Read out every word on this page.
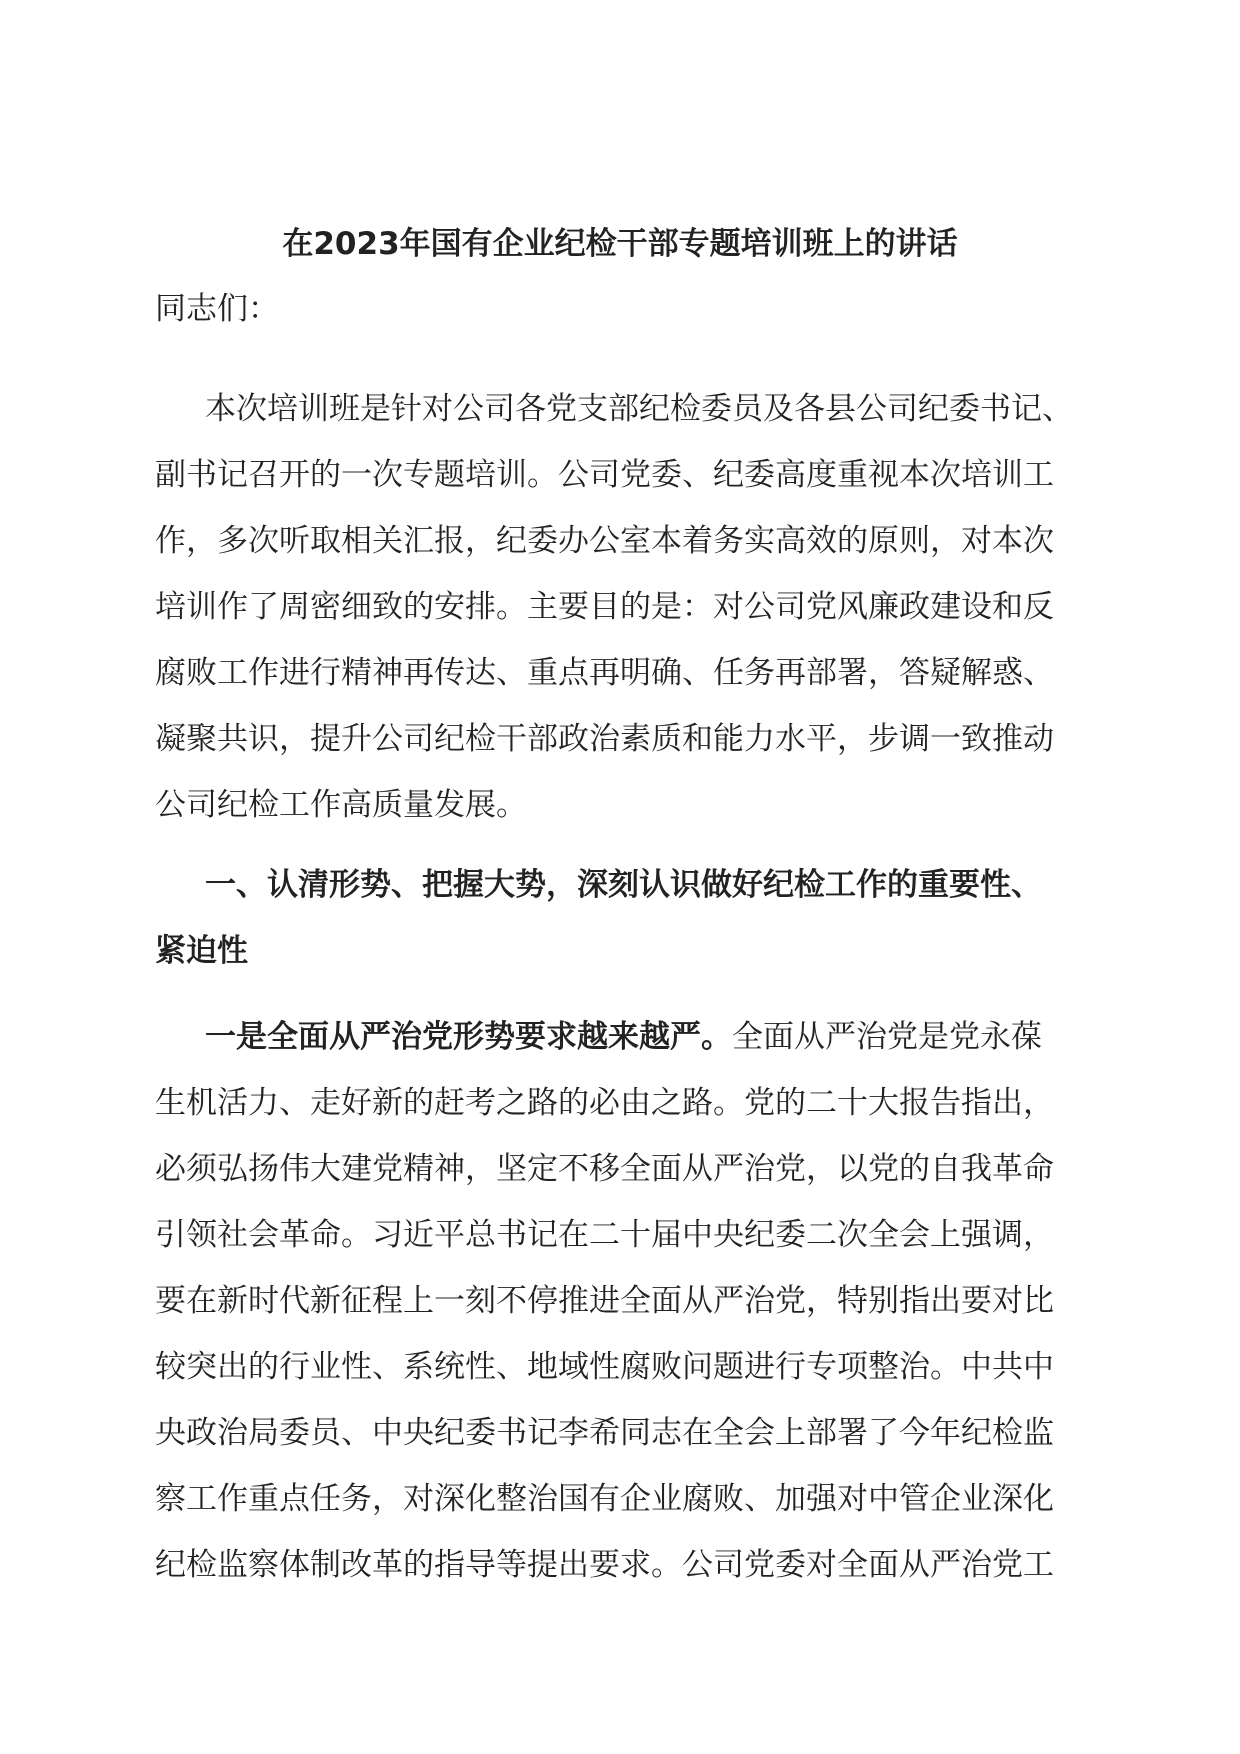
在2023年国有企业纪检干部专题培训班上的讲话
同志们：
本次培训班是针对公司各党支部纪检委员及各县公司纪委书记、
副书记召开的一次专题培训。公司党委、纪委高度重视本次培训工
作，多次听取相关汇报，纪委办公室本着务实高效的原则，对本次
培训作了周密细致的安排。主要目的是：对公司党风廉政建设和反
腐败工作进行精神再传达、重点再明确、任务再部署，答疑解惑、
凝聚共识，提升公司纪检干部政治素质和能力水平，步调一致推动
公司纪检工作高质量发展。
一、认清形势、把握大势，深刻认识做好纪检工作的重要性、
紧迫性
一是全面从严治党形势要求越来越严。全面从严治党是党永葆
生机活力、走好新的赶考之路的必由之路。党的二十大报告指出，
必须弘扬伟大建党精神，坚定不移全面从严治党，以党的自我革命
引领社会革命。习近平总书记在二十届中央纪委二次全会上强调，
要在新时代新征程上一刻不停推进全面从严治党，特别指出要对比
较突出的行业性、系统性、地域性腐败问题进行专项整治。中共中
央政治局委员、中央纪委书记李希同志在全会上部署了今年纪检监
察工作重点任务，对深化整治国有企业腐败、加强对中管企业深化
纪检监察体制改革的指导等提出要求。公司党委对全面从严治党工
